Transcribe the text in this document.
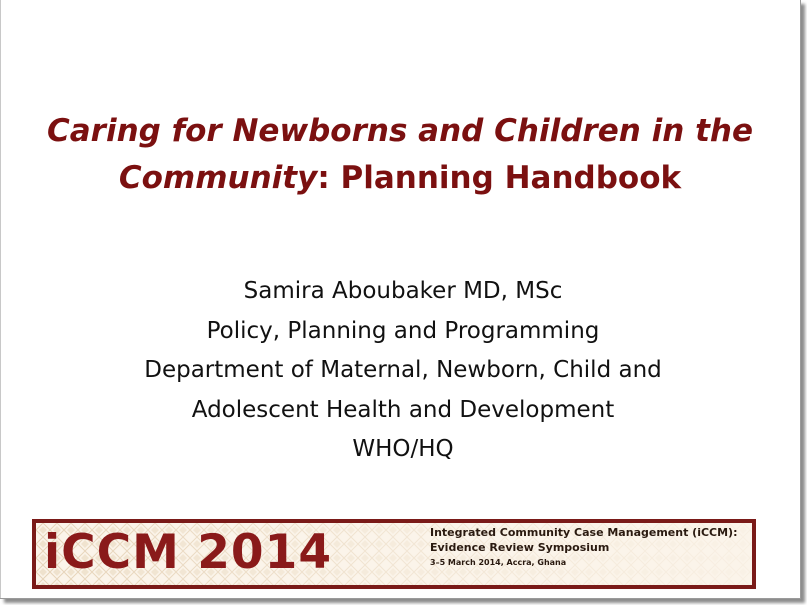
Caring for Newborns and Children in the Community: Planning Handbook
Samira Aboubaker MD, MSc
Policy, Planning and Programming
Department of Maternal, Newborn, Child and
Adolescent Health and Development
WHO/HQ
iCCM 2014	Integrated Community Case Management (iCCM):
Evidence Review Symposium
3–5 March 2014, Accra, Ghana
